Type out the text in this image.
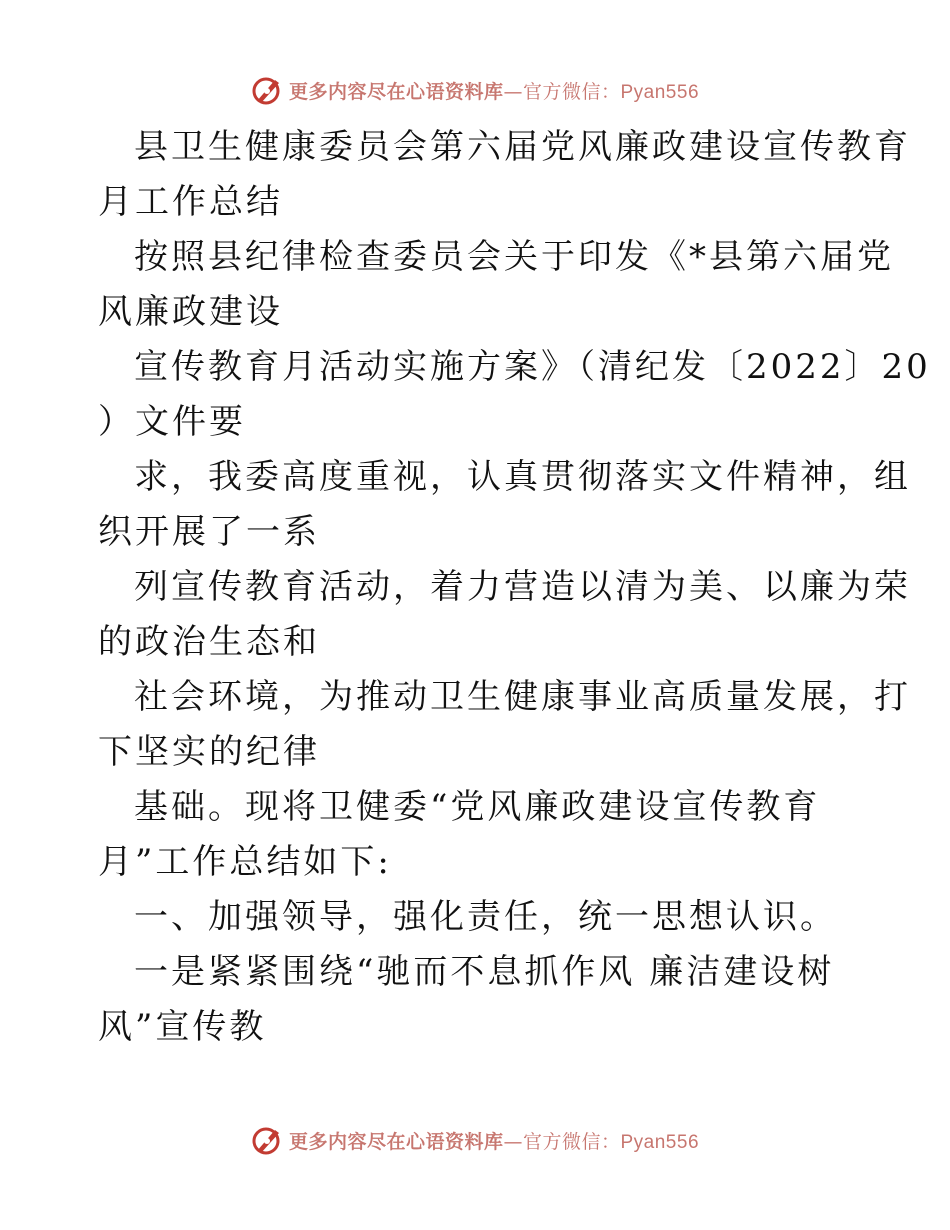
更多内容尽在心语资料库—官方微信：Pyan556

县卫生健康委员会第六届党风廉政建设宣传教育

月工作总结

按照县纪律检查委员会关于印发《*县第六届党

风廉政建设

宣传教育月活动实施方案》（清纪发〔2022〕20

）文件要

求，我委高度重视，认真贯彻落实文件精神，组

织开展了一系

列宣传教育活动，着力营造以清为美、以廉为荣

的政治生态和

社会环境，为推动卫生健康事业高质量发展，打

下坚实的纪律

基础。现将卫健委“党风廉政建设宣传教育

月”工作总结如下:

一、加强领导，强化责任，统一思想认识。

一是紧紧围绕“驰而不息抓作风 廉洁建设树

风”宣传教

更多内容尽在心语资料库—官方微信：Pyan556
